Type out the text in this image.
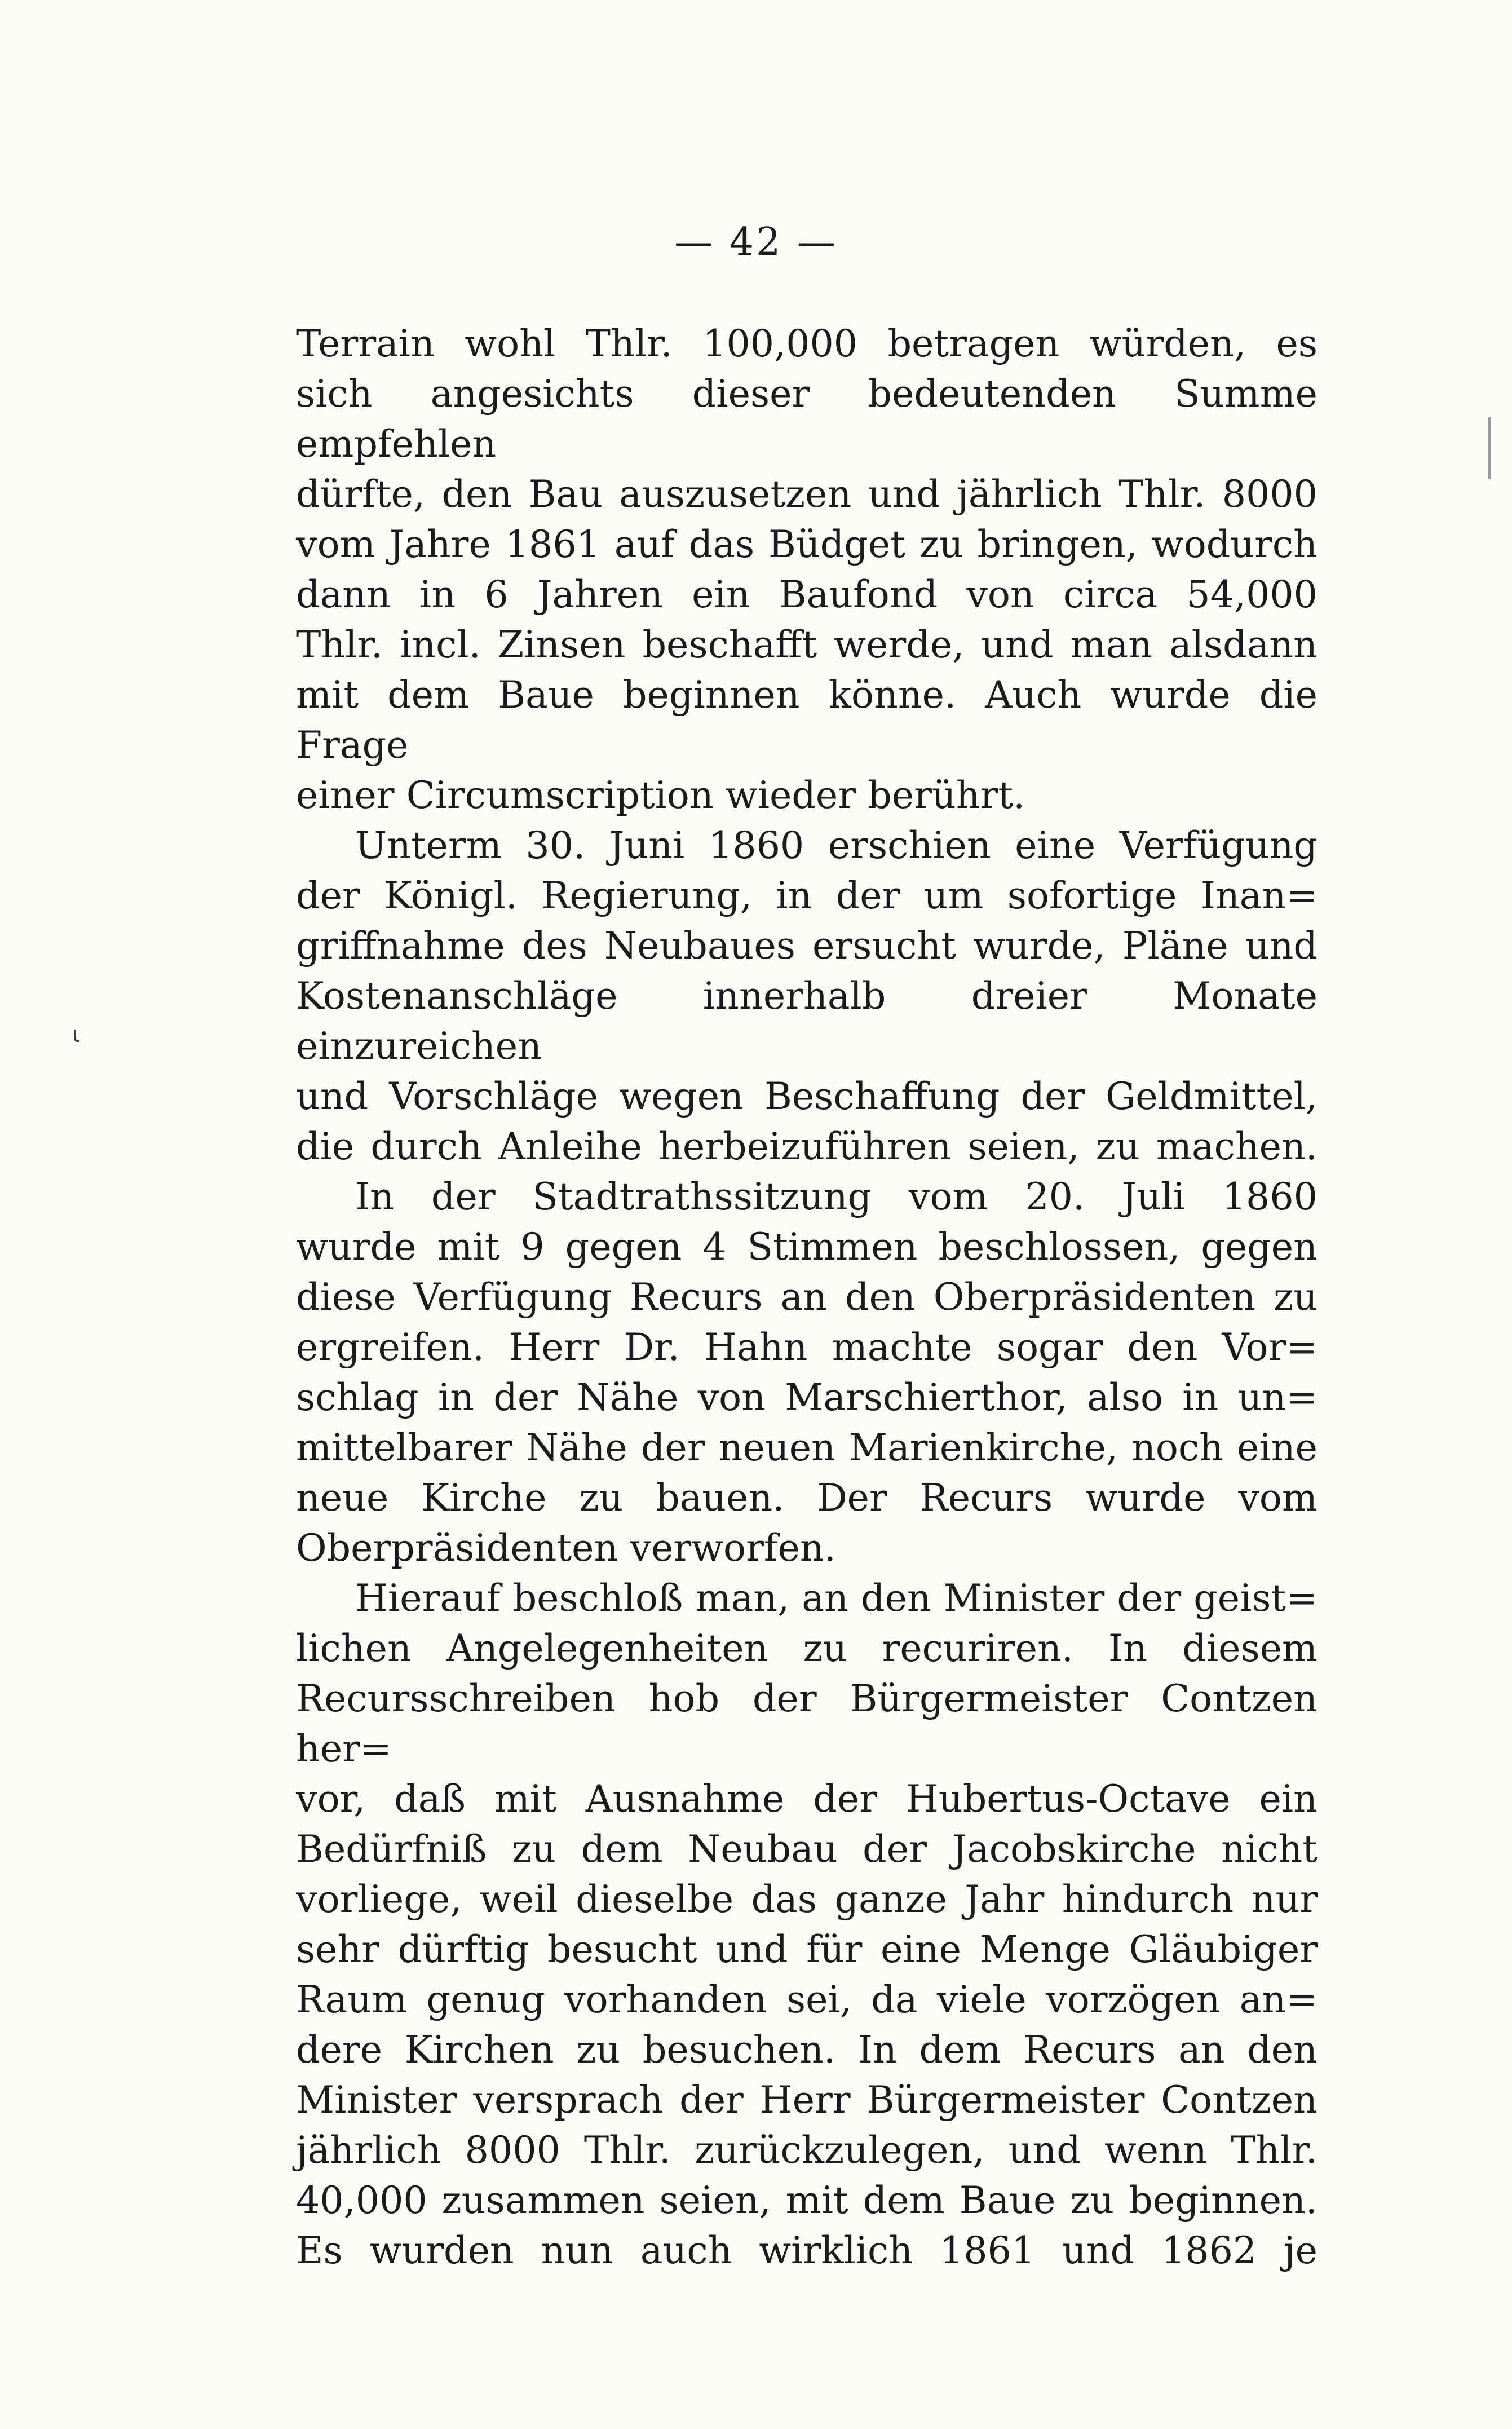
— 42 —

Terrain wohl Thlr. 100,000 betragen würden, es

sich angesichts dieser bedeutenden Summe empfehlen

dürfte, den Bau auszusetzen und jährlich Thlr. 8000

vom Jahre 1861 auf das Büdget zu bringen, wodurch

dann in 6 Jahren ein Baufond von circa 54,000

Thlr. incl. Zinsen beschafft werde, und man alsdann

mit dem Baue beginnen könne. Auch wurde die Frage

einer Circumscription wieder berührt.

Unterm 30. Juni 1860 erschien eine Verfügung

der Königl. Regierung, in der um sofortige Inan=

griffnahme des Neubaues ersucht wurde, Pläne und

Kostenanschläge innerhalb dreier Monate einzureichen

und Vorschläge wegen Beschaffung der Geldmittel,

die durch Anleihe herbeizuführen seien, zu machen.

In der Stadtrathssitzung vom 20. Juli 1860

wurde mit 9 gegen 4 Stimmen beschlossen, gegen

diese Verfügung Recurs an den Oberpräsidenten zu

ergreifen. Herr Dr. Hahn machte sogar den Vor=

schlag in der Nähe von Marschierthor, also in un=

mittelbarer Nähe der neuen Marienkirche, noch eine

neue Kirche zu bauen. Der Recurs wurde vom

Oberpräsidenten verworfen.

Hierauf beschloß man, an den Minister der geist=

lichen Angelegenheiten zu recuriren. In diesem

Recursschreiben hob der Bürgermeister Contzen her=

vor, daß mit Ausnahme der Hubertus-Octave ein

Bedürfniß zu dem Neubau der Jacobskirche nicht

vorliege, weil dieselbe das ganze Jahr hindurch nur

sehr dürftig besucht und für eine Menge Gläubiger

Raum genug vorhanden sei, da viele vorzögen an=

dere Kirchen zu besuchen. In dem Recurs an den

Minister versprach der Herr Bürgermeister Contzen

jährlich 8000 Thlr. zurückzulegen, und wenn Thlr.

40,000 zusammen seien, mit dem Baue zu beginnen.

Es wurden nun auch wirklich 1861 und 1862 je

ɩ
